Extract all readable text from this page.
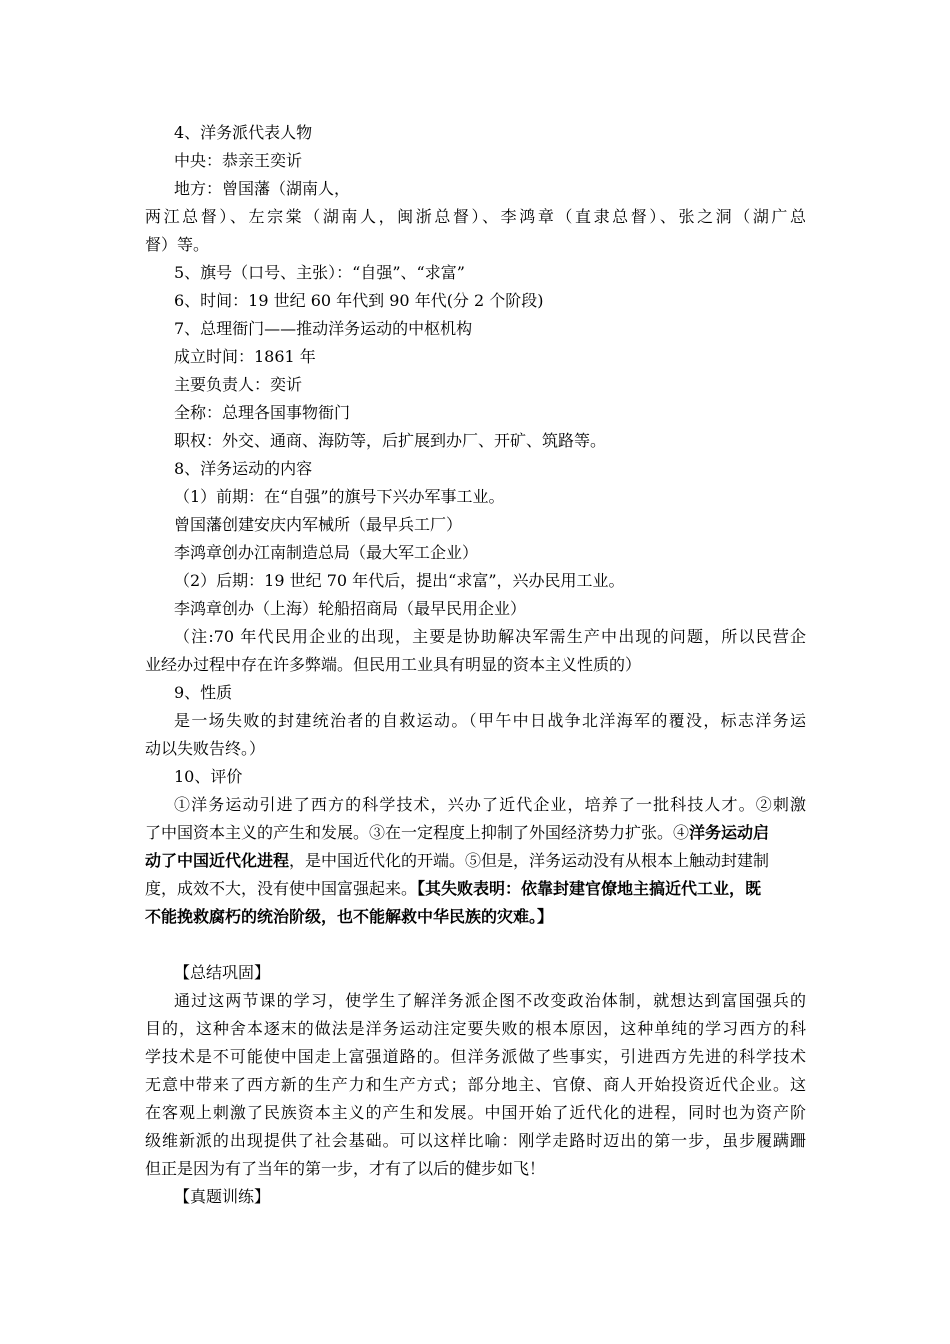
4、洋务派代表人物
中央：恭亲王奕䜣
地方：曾国藩（湖南人，
两江总督）、左宗棠（湖南人，闽浙总督）、李鸿章（直隶总督）、张之洞（湖广总
督）等。
5、旗号（口号、主张）：“自强”、“求富”
6、时间：19 世纪 60 年代到 90 年代(分 2 个阶段)
7、总理衙门——推动洋务运动的中枢机构
成立时间：1861 年
主要负责人：奕䜣
全称：总理各国事物衙门
职权：外交、通商、海防等，后扩展到办厂、开矿、筑路等。
8、洋务运动的内容
（1）前期：在“自强”的旗号下兴办军事工业。
曾国藩创建安庆内军械所（最早兵工厂）
李鸿章创办江南制造总局（最大军工企业）
（2）后期：19 世纪 70 年代后，提出“求富”，兴办民用工业。
李鸿章创办（上海）轮船招商局（最早民用企业）
（注:70 年代民用企业的出现，主要是协助解决军需生产中出现的问题，所以民营企
业经办过程中存在许多弊端。但民用工业具有明显的资本主义性质的）
9、性质
是一场失败的封建统治者的自救运动。（甲午中日战争北洋海军的覆没，标志洋务运
动以失败告终。）
10、评价
①洋务运动引进了西方的科学技术，兴办了近代企业，培养了一批科技人才。②刺激
了中国资本主义的产生和发展。③在一定程度上抑制了外国经济势力扩张。④洋务运动启
动了中国近代化进程，是中国近代化的开端。⑤但是，洋务运动没有从根本上触动封建制
度，成效不大，没有使中国富强起来。【其失败表明：依靠封建官僚地主搞近代工业，既
不能挽救腐朽的统治阶级，也不能解救中华民族的灾难。】
【总结巩固】
通过这两节课的学习，使学生了解洋务派企图不改变政治体制，就想达到富国强兵的
目的，这种舍本逐末的做法是洋务运动注定要失败的根本原因，这种单纯的学习西方的科
学技术是不可能使中国走上富强道路的。但洋务派做了些事实，引进西方先进的科学技术
无意中带来了西方新的生产力和生产方式；部分地主、官僚、商人开始投资近代企业。这
在客观上刺激了民族资本主义的产生和发展。中国开始了近代化的进程，同时也为资产阶
级维新派的出现提供了社会基础。可以这样比喻：刚学走路时迈出的第一步，虽步履蹒跚
但正是因为有了当年的第一步，才有了以后的健步如飞！
【真题训练】
